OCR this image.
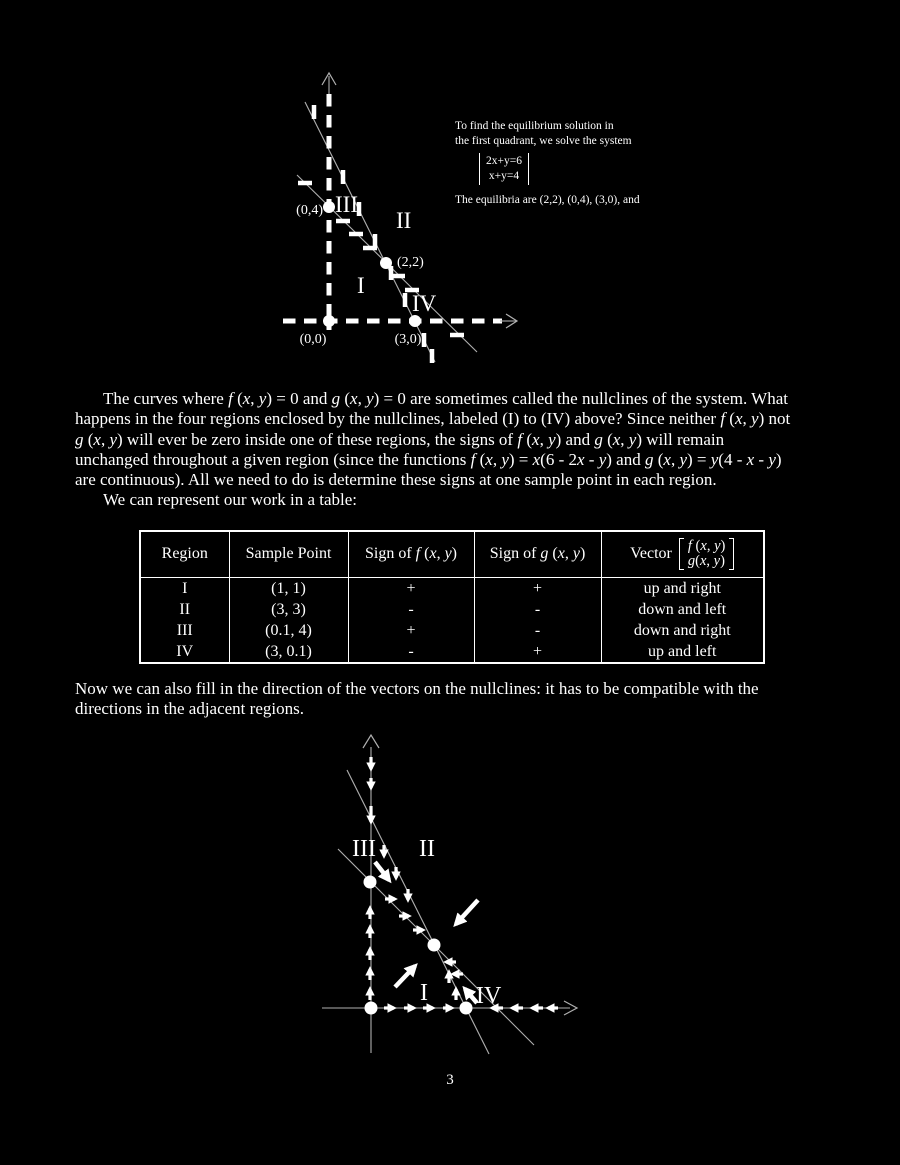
(0,4)
(2,2)
(0,0)	(3,0)
I
II
III
IV
To find the equilibrium solution in
the first quadrant, we solve the system
2x+y=6
x+y=4
The equilibria are (2,2), (0,4), (3,0), and
The curves where f (x, y) = 0 and g (x, y) = 0 are sometimes called the nullclines of the system. What
happens in the four regions enclosed by the nullclines, labeled (I) to (IV) above? Since neither f (x, y) not
g (x, y) will ever be zero inside one of these regions, the signs of f (x, y) and g (x, y) will remain
unchanged throughout a given region (since the functions f (x, y) = x(6 - 2x - y) and g (x, y) = y(4 - x - y)
are continuous). All we need to do is determine these signs at one sample point in each region.
We can represent our work in a table:
Region	Sample Point	Sign of f (x, y)	Sign of g (x, y)	Vector f (x, y)
g(x, y)

I	(1, 1)	+	+	up and right
II	(3, 3)	-	-	down and left
III	(0.1, 4)	+	-	down and right
IV	(3, 0.1)	-	+	up and left
Now we can also fill in the direction of the vectors on the nullclines: it has to be compatible with the
directions in the adjacent regions.
I
II
III
IV
3
